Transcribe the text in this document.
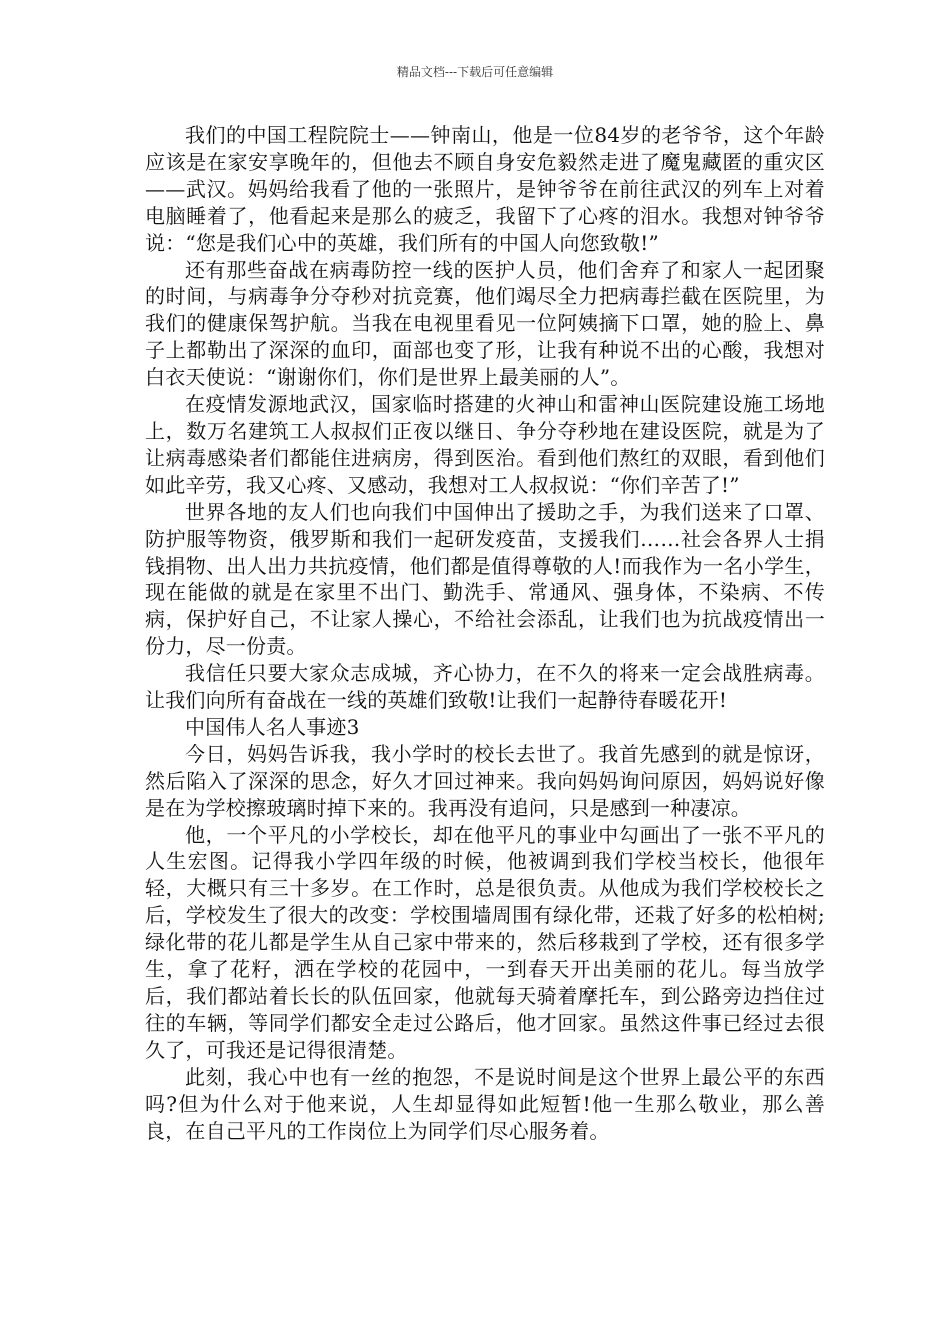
精品文档---下载后可任意编辑

我们的中国工程院院士——钟南山，他是一位84岁的老爷爷，这个年龄应该是在家安享晚年的，但他去不顾自身安危毅然走进了魔鬼藏匿的重灾区——武汉。妈妈给我看了他的一张照片，是钟爷爷在前往武汉的列车上对着电脑睡着了，他看起来是那么的疲乏，我留下了心疼的泪水。我想对钟爷爷说：“您是我们心中的英雄，我们所有的中国人向您致敬!”

还有那些奋战在病毒防控一线的医护人员，他们舍弃了和家人一起团聚的时间，与病毒争分夺秒对抗竞赛，他们竭尽全力把病毒拦截在医院里，为我们的健康保驾护航。当我在电视里看见一位阿姨摘下口罩，她的脸上、鼻子上都勒出了深深的血印，面部也变了形，让我有种说不出的心酸，我想对白衣天使说：“谢谢你们，你们是世界上最美丽的人”。

在疫情发源地武汉，国家临时搭建的火神山和雷神山医院建设施工场地上，数万名建筑工人叔叔们正夜以继日、争分夺秒地在建设医院，就是为了让病毒感染者们都能住进病房，得到医治。看到他们熬红的双眼，看到他们如此辛劳，我又心疼、又感动，我想对工人叔叔说：“你们辛苦了!”

世界各地的友人们也向我们中国伸出了援助之手，为我们送来了口罩、防护服等物资，俄罗斯和我们一起研发疫苗，支援我们……社会各界人士捐钱捐物、出人出力共抗疫情，他们都是值得尊敬的人!而我作为一名小学生，现在能做的就是在家里不出门、勤洗手、常通风、强身体，不染病、不传病，保护好自己，不让家人操心，不给社会添乱，让我们也为抗战疫情出一份力，尽一份责。

我信任只要大家众志成城，齐心协力，在不久的将来一定会战胜病毒。让我们向所有奋战在一线的英雄们致敬!让我们一起静待春暖花开!

中国伟人名人事迹3

今日，妈妈告诉我，我小学时的校长去世了。我首先感到的就是惊讶，然后陷入了深深的思念，好久才回过神来。我向妈妈询问原因，妈妈说好像是在为学校擦玻璃时掉下来的。我再没有追问，只是感到一种凄凉。

他，一个平凡的小学校长，却在他平凡的事业中勾画出了一张不平凡的人生宏图。记得我小学四年级的时候，他被调到我们学校当校长，他很年轻，大概只有三十多岁。在工作时，总是很负责。从他成为我们学校校长之后，学校发生了很大的改变：学校围墙周围有绿化带，还栽了好多的松柏树;绿化带的花儿都是学生从自己家中带来的，然后移栽到了学校，还有很多学生，拿了花籽，洒在学校的花园中，一到春天开出美丽的花儿。每当放学后，我们都站着长长的队伍回家，他就每天骑着摩托车，到公路旁边挡住过往的车辆，等同学们都安全走过公路后，他才回家。虽然这件事已经过去很久了，可我还是记得很清楚。

此刻，我心中也有一丝的抱怨，不是说时间是这个世界上最公平的东西吗?但为什么对于他来说，人生却显得如此短暂!他一生那么敬业，那么善良，在自己平凡的工作岗位上为同学们尽心服务着。
